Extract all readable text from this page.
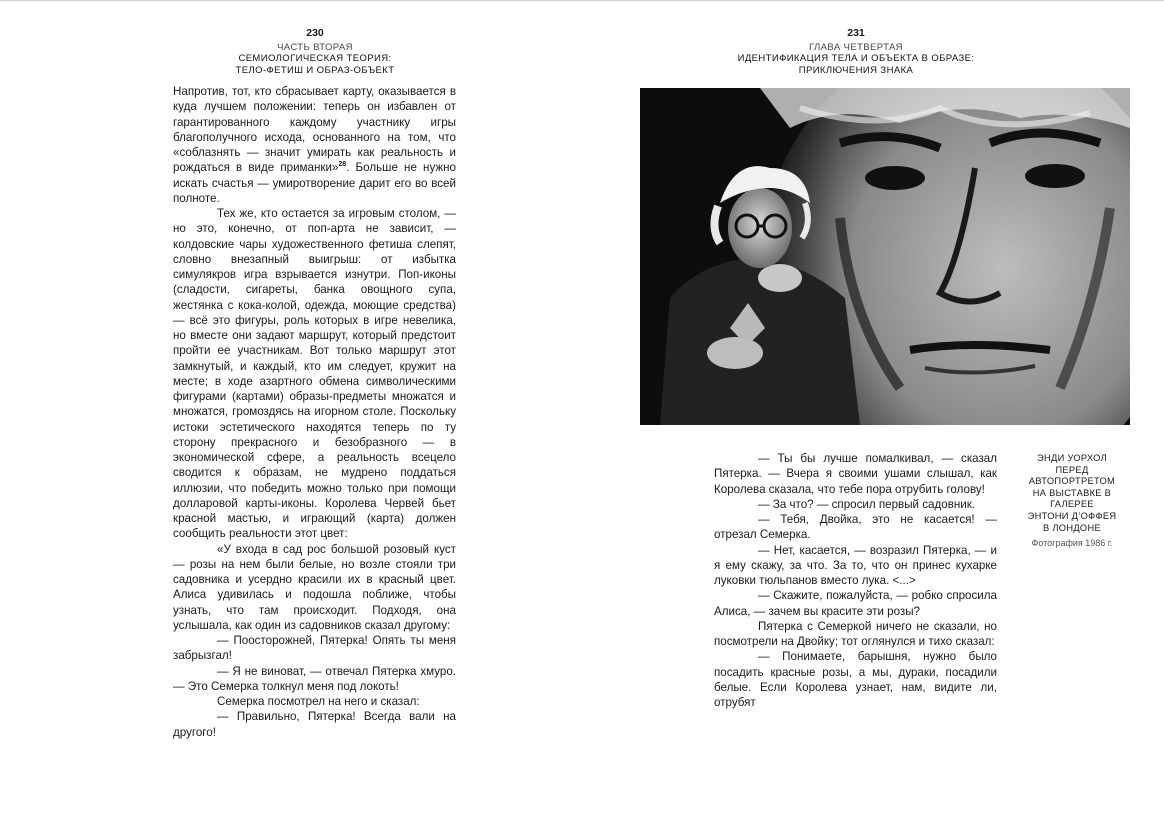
230
ЧАСТЬ ВТОРАЯ
СЕМИОЛОГИЧЕСКАЯ ТЕОРИЯ:
ТЕЛО-ФЕТИШ И ОБРАЗ-ОБЪЕКТ

Напротив, тот, кто сбрасывает карту, оказывается в куда лучшем положении: теперь он избавлен от гарантированного каждому участнику игры благополучного исхода, основанного на том, что «соблазнять — значит умирать как реальность и рождаться в виде приманки»$^{28}$. Больше не нужно искать счастья — умиротворение дарит его во всей полноте.

Тех же, кто остается за игровым столом, — но это, конечно, от поп-арта не зависит, — колдовские чары художественного фетиша слепят, словно внезапный выигрыш: от избытка симулякров игра взрывается изнутри. Поп-иконы (сладости, сигареты, банка овощного супа, жестянка с кока-колой, одежда, моющие средства) — всё это фигуры, роль которых в игре невелика, но вместе они задают маршрут, который предстоит пройти ее участникам. Вот только маршрут этот замкнутый, и каждый, кто им следует, кружит на месте; в ходе азартного обмена символическими фигурами (картами) образы-предметы множатся и множатся, громоздясь на игорном столе. Поскольку истоки эстетического находятся теперь по ту сторону прекрасного и безобразного — в экономической сфере, а реальность всецело сводится к образам, не мудрено поддаться иллюзии, что победить можно только при помощи долларовой карты-иконы. Королева Червей бьет красной мастью, и играющий (карта) должен сообщить реальности этот цвет:

«У входа в сад рос большой розовый куст — розы на нем были белые, но возле стояли три садовника и усердно красили их в красный цвет. Алиса удивилась и подошла поближе, чтобы узнать, что там происходит. Подходя, она услышала, как один из садовников сказал другому:

— Поосторожней, Пятерка! Опять ты меня забрызгал!

— Я не виноват, — отвечал Пятерка хмуро. — Это Семерка толкнул меня под локоть!

Семерка посмотрел на него и сказал:

— Правильно, Пятерка! Всегда вали на другого!

231
ГЛАВА ЧЕТВЕРТАЯ
ИДЕНТИФИКАЦИЯ ТЕЛА И ОБЪЕКТА В ОБРАЗЕ:
ПРИКЛЮЧЕНИЯ ЗНАКА
ЭНДИ УОРХОЛ
ПЕРЕД АВТОПОРТРЕТОМ
НА ВЫСТАВКЕ В ГАЛЕРЕЕ
ЭНТОНИ Д’ОФФЕЯ
В ЛОНДОНЕ
Фотография 1986 г.

— Ты бы лучше помалкивал, — сказал Пятерка. — Вчера я своими ушами слышал, как Королева сказала, что тебе пора отрубить голову!

— За что? — спросил первый садовник.

— Тебя, Двойка, это не касается! — отрезал Семерка.

— Нет, касается, — возразил Пятерка, — и я ему скажу, за что. За то, что он принес кухарке луковки тюльпанов вместо лука. <...>

— Скажите, пожалуйста, — робко спросила Алиса, — зачем вы красите эти розы?

Пятерка с Семеркой ничего не сказали, но посмотрели на Двойку; тот оглянулся и тихо сказал:

— Понимаете, барышня, нужно было посадить красные розы, а мы, дураки, посадили белые. Если Королева узнает, нам, видите ли, отрубят
